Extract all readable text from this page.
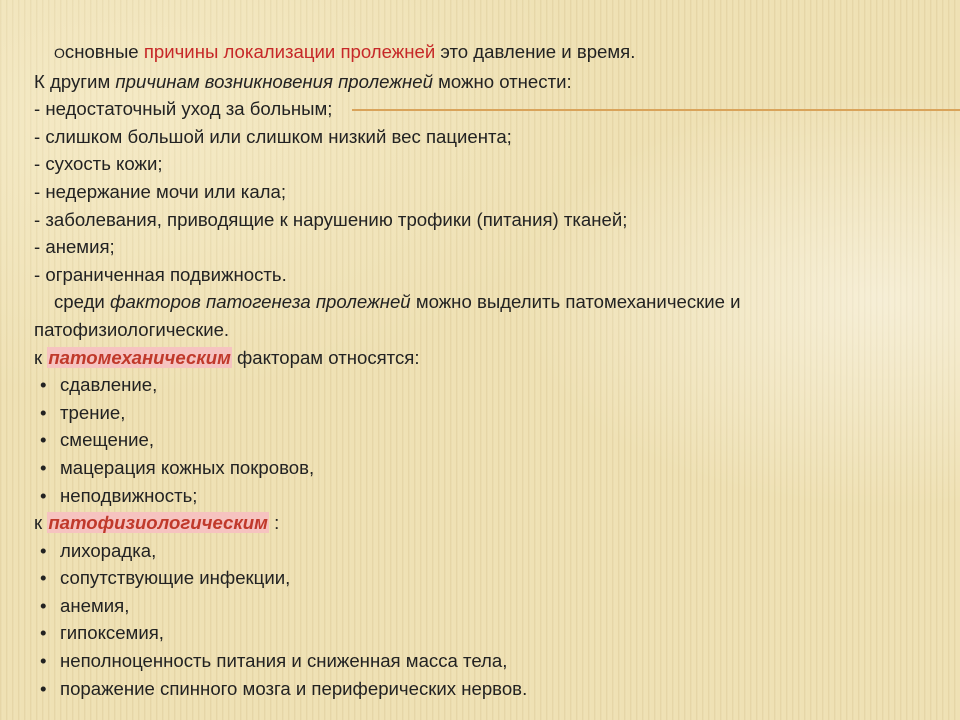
Основные причины локализации пролежней это давление и время.
К другим причинам возникновения пролежней можно отнести:
- недостаточный уход за больным;
- слишком большой или слишком низкий вес пациента;
- сухость кожи;
- недержание мочи или кала;
- заболевания, приводящие к нарушению трофики (питания) тканей;
- анемия;
- ограниченная подвижность.
среди факторов патогенеза пролежней можно выделить патомеханические и
патофизиологические.
к патомеханическим факторам относятся:
• сдавление,
• трение,
• смещение,
• мацерация кожных покровов,
• неподвижность;
к патофизиологическим :
• лихорадка,
• сопутствующие инфекции,
• анемия,
• гипоксемия,
• неполноценность питания и сниженная масса тела,
• поражение спинного мозга и периферических нервов.
